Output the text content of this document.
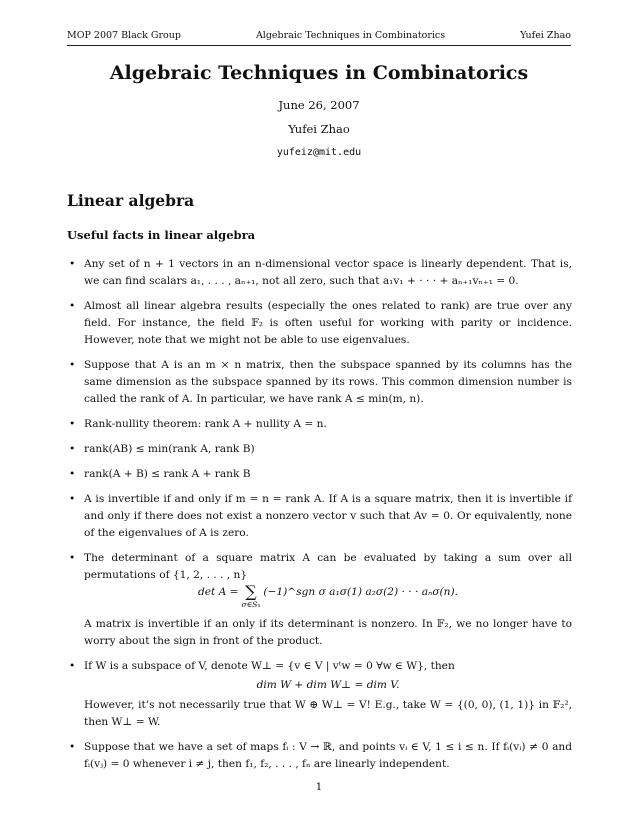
MOP 2007 Black Group	Algebraic Techniques in Combinatorics	Yufei Zhao
Algebraic Techniques in Combinatorics
June 26, 2007
Yufei Zhao
yufeiz@mit.edu
Linear algebra
Useful facts in linear algebra
• Any set of n + 1 vectors in an n-dimensional vector space is linearly dependent. That is, we can find scalars a₁, . . . , aₙ₊₁, not all zero, such that a₁v₁ + · · · + aₙ₊₁vₙ₊₁ = 0.
• Almost all linear algebra results (especially the ones related to rank) are true over any field. For instance, the field 𝔽₂ is often useful for working with parity or incidence. However, note that we might not be able to use eigenvalues.
• Suppose that A is an m × n matrix, then the subspace spanned by its columns has the same dimension as the subspace spanned by its rows. This common dimension number is called the rank of A. In particular, we have rank A ≤ min(m, n).
• Rank-nullity theorem: rank A + nullity A = n.
• rank(AB) ≤ min(rank A, rank B)
• rank(A + B) ≤ rank A + rank B
• A is invertible if and only if m = n = rank A. If A is a square matrix, then it is invertible if and only if there does not exist a nonzero vector v such that Av = 0. Or equivalently, none of the eigenvalues of A is zero.
• The determinant of a square matrix A can be evaluated by taking a sum over all permutations of {1, 2, . . . , n}
det A = ∑
σ∈Sₙ
(−1)^sgn σ a₁σ(1) a₂σ(2) · · · aₙσ(n).
A matrix is invertible if an only if its determinant is nonzero. In 𝔽₂, we no longer have to worry about the sign in front of the product.
• If W is a subspace of V, denote W⊥ = {v ∈ V | vᵗw = 0 ∀w ∈ W}, then
dim W + dim W⊥ = dim V.
However, it’s not necessarily true that W ⊕ W⊥ = V! E.g., take W = {(0, 0), (1, 1)} in 𝔽₂², then W⊥ = W.
• Suppose that we have a set of maps fᵢ : V → ℝ, and points vᵢ ∈ V, 1 ≤ i ≤ n. If fᵢ(vᵢ) ≠ 0 and fᵢ(vⱼ) = 0 whenever i ≠ j, then f₁, f₂, . . . , fₙ are linearly independent.
1
